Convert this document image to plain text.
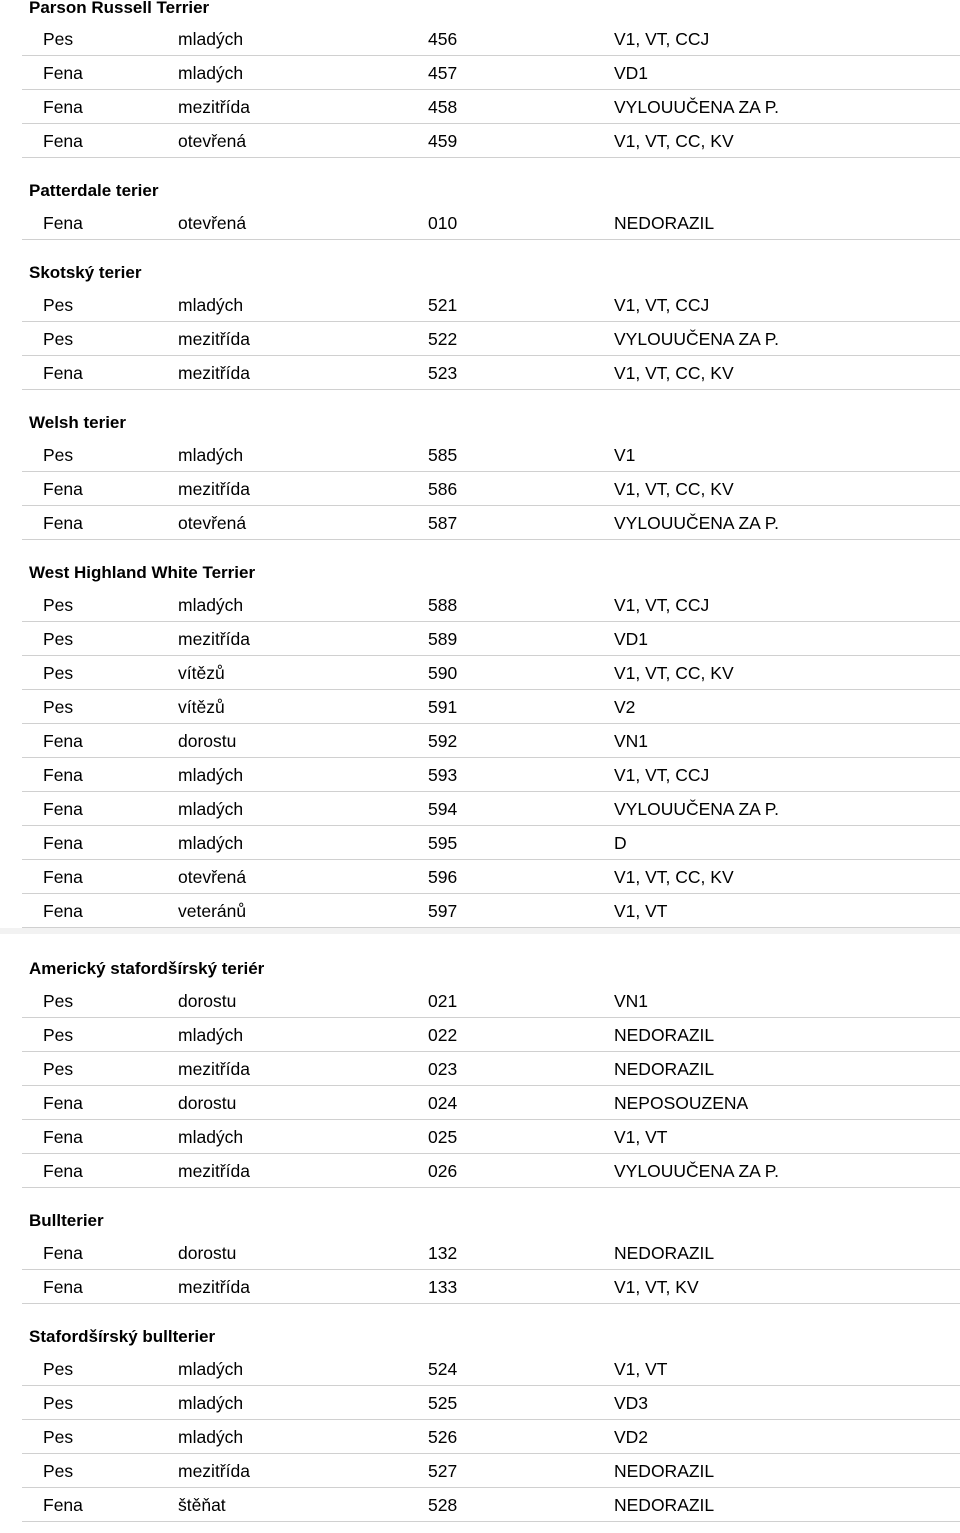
Parson Russell Terrier
Pes	mladých	456	V1, VT, CCJ
Fena	mladých	457	VD1
Fena	mezitřída	458	VYLOUUČENA ZA P.
Fena	otevřená	459	V1, VT, CC, KV
Patterdale terier
Fena	otevřená	010	NEDORAZIL
Skotský terier
Pes	mladých	521	V1, VT, CCJ
Pes	mezitřída	522	VYLOUUČENA ZA P.
Fena	mezitřída	523	V1, VT, CC, KV
Welsh terier
Pes	mladých	585	V1
Fena	mezitřída	586	V1, VT, CC, KV
Fena	otevřená	587	VYLOUUČENA ZA P.
West Highland White Terrier
Pes	mladých	588	V1, VT, CCJ
Pes	mezitřída	589	VD1
Pes	vítězů	590	V1, VT, CC, KV
Pes	vítězů	591	V2
Fena	dorostu	592	VN1
Fena	mladých	593	V1, VT, CCJ
Fena	mladých	594	VYLOUUČENA ZA P.
Fena	mladých	595	D
Fena	otevřená	596	V1, VT, CC, KV
Fena	veteránů	597	V1, VT
Americký stafordšírský teriér
Pes	dorostu	021	VN1
Pes	mladých	022	NEDORAZIL
Pes	mezitřída	023	NEDORAZIL
Fena	dorostu	024	NEPOSOUZENA
Fena	mladých	025	V1, VT
Fena	mezitřída	026	VYLOUUČENA ZA P.
Bullterier
Fena	dorostu	132	NEDORAZIL
Fena	mezitřída	133	V1, VT, KV
Stafordšírský bullterier
Pes	mladých	524	V1, VT
Pes	mladých	525	VD3
Pes	mladých	526	VD2
Pes	mezitřída	527	NEDORAZIL
Fena	štěňat	528	NEDORAZIL
